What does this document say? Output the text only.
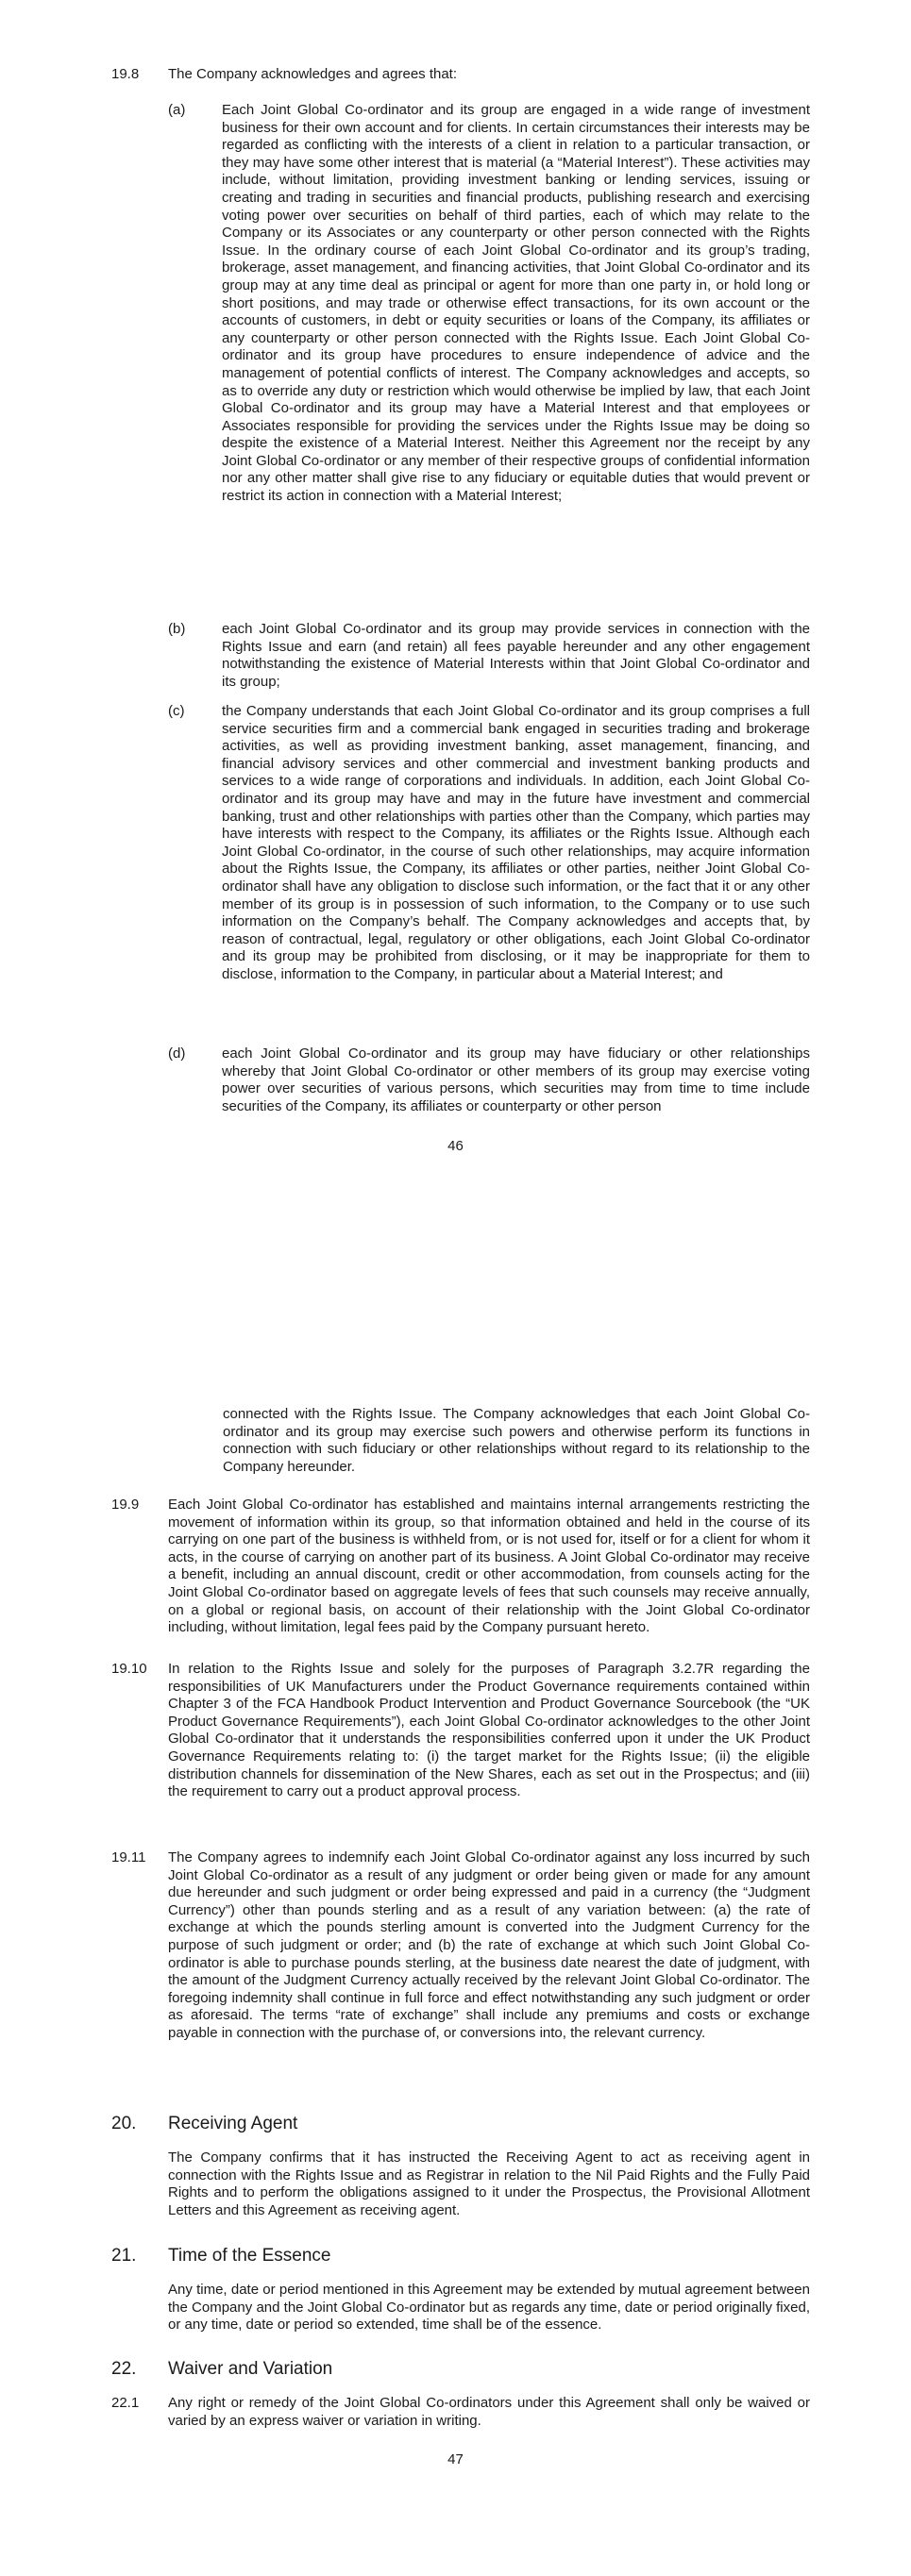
19.8 The Company acknowledges and agrees that:
(a)	Each Joint Global Co-ordinator and its group are engaged in a wide range of investment business for their own account and for clients. In certain circumstances their interests may be regarded as conflicting with the interests of a client in relation to a particular transaction, or they may have some other interest that is material (a “Material Interest”). These activities may include, without limitation, providing investment banking or lending services, issuing or creating and trading in securities and financial products, publishing research and exercising voting power over securities on behalf of third parties, each of which may relate to the Company or its Associates or any counterparty or other person connected with the Rights Issue. In the ordinary course of each Joint Global Co-ordinator and its group’s trading, brokerage, asset management, and financing activities, that Joint Global Co-ordinator and its group may at any time deal as principal or agent for more than one party in, or hold long or short positions, and may trade or otherwise effect transactions, for its own account or the accounts of customers, in debt or equity securities or loans of the Company, its affiliates or any counterparty or other person connected with the Rights Issue. Each Joint Global Co-ordinator and its group have procedures to ensure independence of advice and the management of potential conflicts of interest. The Company acknowledges and accepts, so as to override any duty or restriction which would otherwise be implied by law, that each Joint Global Co-ordinator and its group may have a Material Interest and that employees or Associates responsible for providing the services under the Rights Issue may be doing so despite the existence of a Material Interest. Neither this Agreement nor the receipt by any Joint Global Co-ordinator or any member of their respective groups of confidential information nor any other matter shall give rise to any fiduciary or equitable duties that would prevent or restrict its action in connection with a Material Interest;
(b)	each Joint Global Co-ordinator and its group may provide services in connection with the Rights Issue and earn (and retain) all fees payable hereunder and any other engagement notwithstanding the existence of Material Interests within that Joint Global Co-ordinator and its group;
(c)	the Company understands that each Joint Global Co-ordinator and its group comprises a full service securities firm and a commercial bank engaged in securities trading and brokerage activities, as well as providing investment banking, asset management, financing, and financial advisory services and other commercial and investment banking products and services to a wide range of corporations and individuals. In addition, each Joint Global Co-ordinator and its group may have and may in the future have investment and commercial banking, trust and other relationships with parties other than the Company, which parties may have interests with respect to the Company, its affiliates or the Rights Issue. Although each Joint Global Co-ordinator, in the course of such other relationships, may acquire information about the Rights Issue, the Company, its affiliates or other parties, neither Joint Global Co-ordinator shall have any obligation to disclose such information, or the fact that it or any other member of its group is in possession of such information, to the Company or to use such information on the Company’s behalf. The Company acknowledges and accepts that, by reason of contractual, legal, regulatory or other obligations, each Joint Global Co-ordinator and its group may be prohibited from disclosing, or it may be inappropriate for them to disclose, information to the Company, in particular about a Material Interest; and
(d)	each Joint Global Co-ordinator and its group may have fiduciary or other relationships whereby that Joint Global Co-ordinator or other members of its group may exercise voting power over securities of various persons, which securities may from time to time include securities of the Company, its affiliates or counterparty or other person
46
connected with the Rights Issue. The Company acknowledges that each Joint Global Co-ordinator and its group may exercise such powers and otherwise perform its functions in connection with such fiduciary or other relationships without regard to its relationship to the Company hereunder.
19.9 Each Joint Global Co-ordinator has established and maintains internal arrangements restricting the movement of information within its group, so that information obtained and held in the course of its carrying on one part of the business is withheld from, or is not used for, itself or for a client for whom it acts, in the course of carrying on another part of its business. A Joint Global Co-ordinator may receive a benefit, including an annual discount, credit or other accommodation, from counsels acting for the Joint Global Co-ordinator based on aggregate levels of fees that such counsels may receive annually, on a global or regional basis, on account of their relationship with the Joint Global Co-ordinator including, without limitation, legal fees paid by the Company pursuant hereto.
19.10 In relation to the Rights Issue and solely for the purposes of Paragraph 3.2.7R regarding the responsibilities of UK Manufacturers under the Product Governance requirements contained within Chapter 3 of the FCA Handbook Product Intervention and Product Governance Sourcebook (the “UK Product Governance Requirements”), each Joint Global Co-ordinator acknowledges to the other Joint Global Co-ordinator that it understands the responsibilities conferred upon it under the UK Product Governance Requirements relating to: (i) the target market for the Rights Issue; (ii) the eligible distribution channels for dissemination of the New Shares, each as set out in the Prospectus; and (iii) the requirement to carry out a product approval process.
19.11 The Company agrees to indemnify each Joint Global Co-ordinator against any loss incurred by such Joint Global Co-ordinator as a result of any judgment or order being given or made for any amount due hereunder and such judgment or order being expressed and paid in a currency (the “Judgment Currency”) other than pounds sterling and as a result of any variation between: (a) the rate of exchange at which the pounds sterling amount is converted into the Judgment Currency for the purpose of such judgment or order; and (b) the rate of exchange at which such Joint Global Co-ordinator is able to purchase pounds sterling, at the business date nearest the date of judgment, with the amount of the Judgment Currency actually received by the relevant Joint Global Co-ordinator. The foregoing indemnity shall continue in full force and effect notwithstanding any such judgment or order as aforesaid. The terms “rate of exchange” shall include any premiums and costs or exchange payable in connection with the purchase of, or conversions into, the relevant currency.
20. Receiving Agent
The Company confirms that it has instructed the Receiving Agent to act as receiving agent in connection with the Rights Issue and as Registrar in relation to the Nil Paid Rights and the Fully Paid Rights and to perform the obligations assigned to it under the Prospectus, the Provisional Allotment Letters and this Agreement as receiving agent.
21. Time of the Essence
Any time, date or period mentioned in this Agreement may be extended by mutual agreement between the Company and the Joint Global Co-ordinator but as regards any time, date or period originally fixed, or any time, date or period so extended, time shall be of the essence.
22. Waiver and Variation
22.1 Any right or remedy of the Joint Global Co-ordinators under this Agreement shall only be waived or varied by an express waiver or variation in writing.
47
